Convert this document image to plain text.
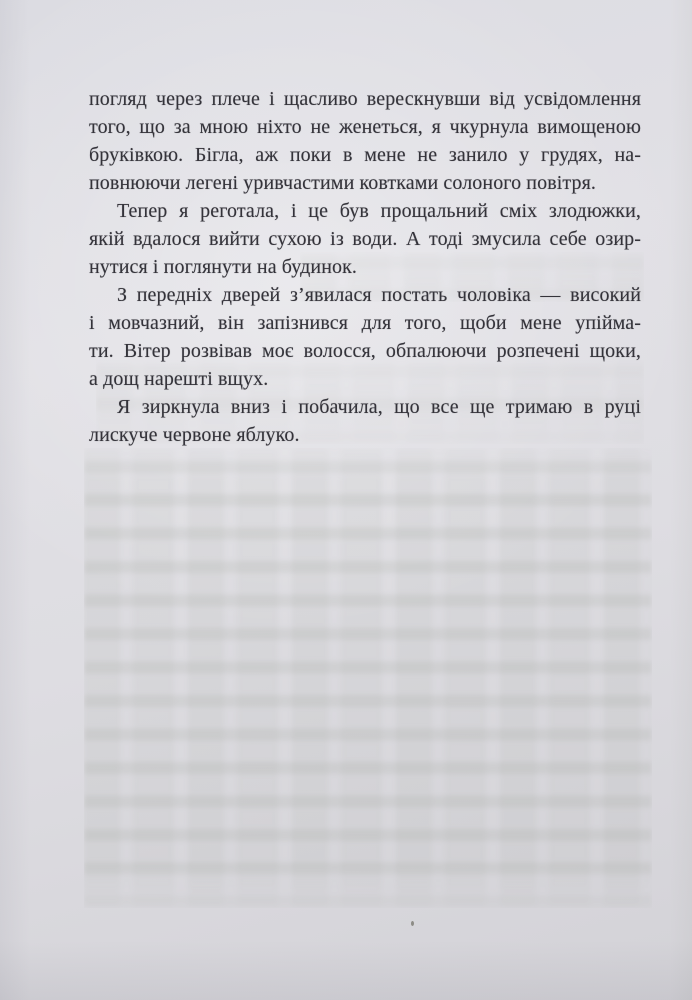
погляд через плече і щасливо верескнувши від усвідомлення
того, що за мною ніхто не женеться, я чкурнула вимощеною
бруківкою. Бігла, аж поки в мене не занило у грудях, на-
повнюючи легені уривчастими ковтками солоного повітря.
Тепер я реготала, і це був прощальний сміх злодюжки,
якій вдалося вийти сухою із води. А тоді змусила себе озир-
нутися і поглянути на будинок.
З передніх дверей з’явилася постать чоловіка — високий
і мовчазний, він запізнився для того, щоби мене упійма-
ти. Вітер розвівав моє волосся, обпалюючи розпечені щоки,
а дощ нарешті вщух.
Я зиркнула вниз і побачила, що все ще тримаю в руці
лискуче червоне яблуко.
